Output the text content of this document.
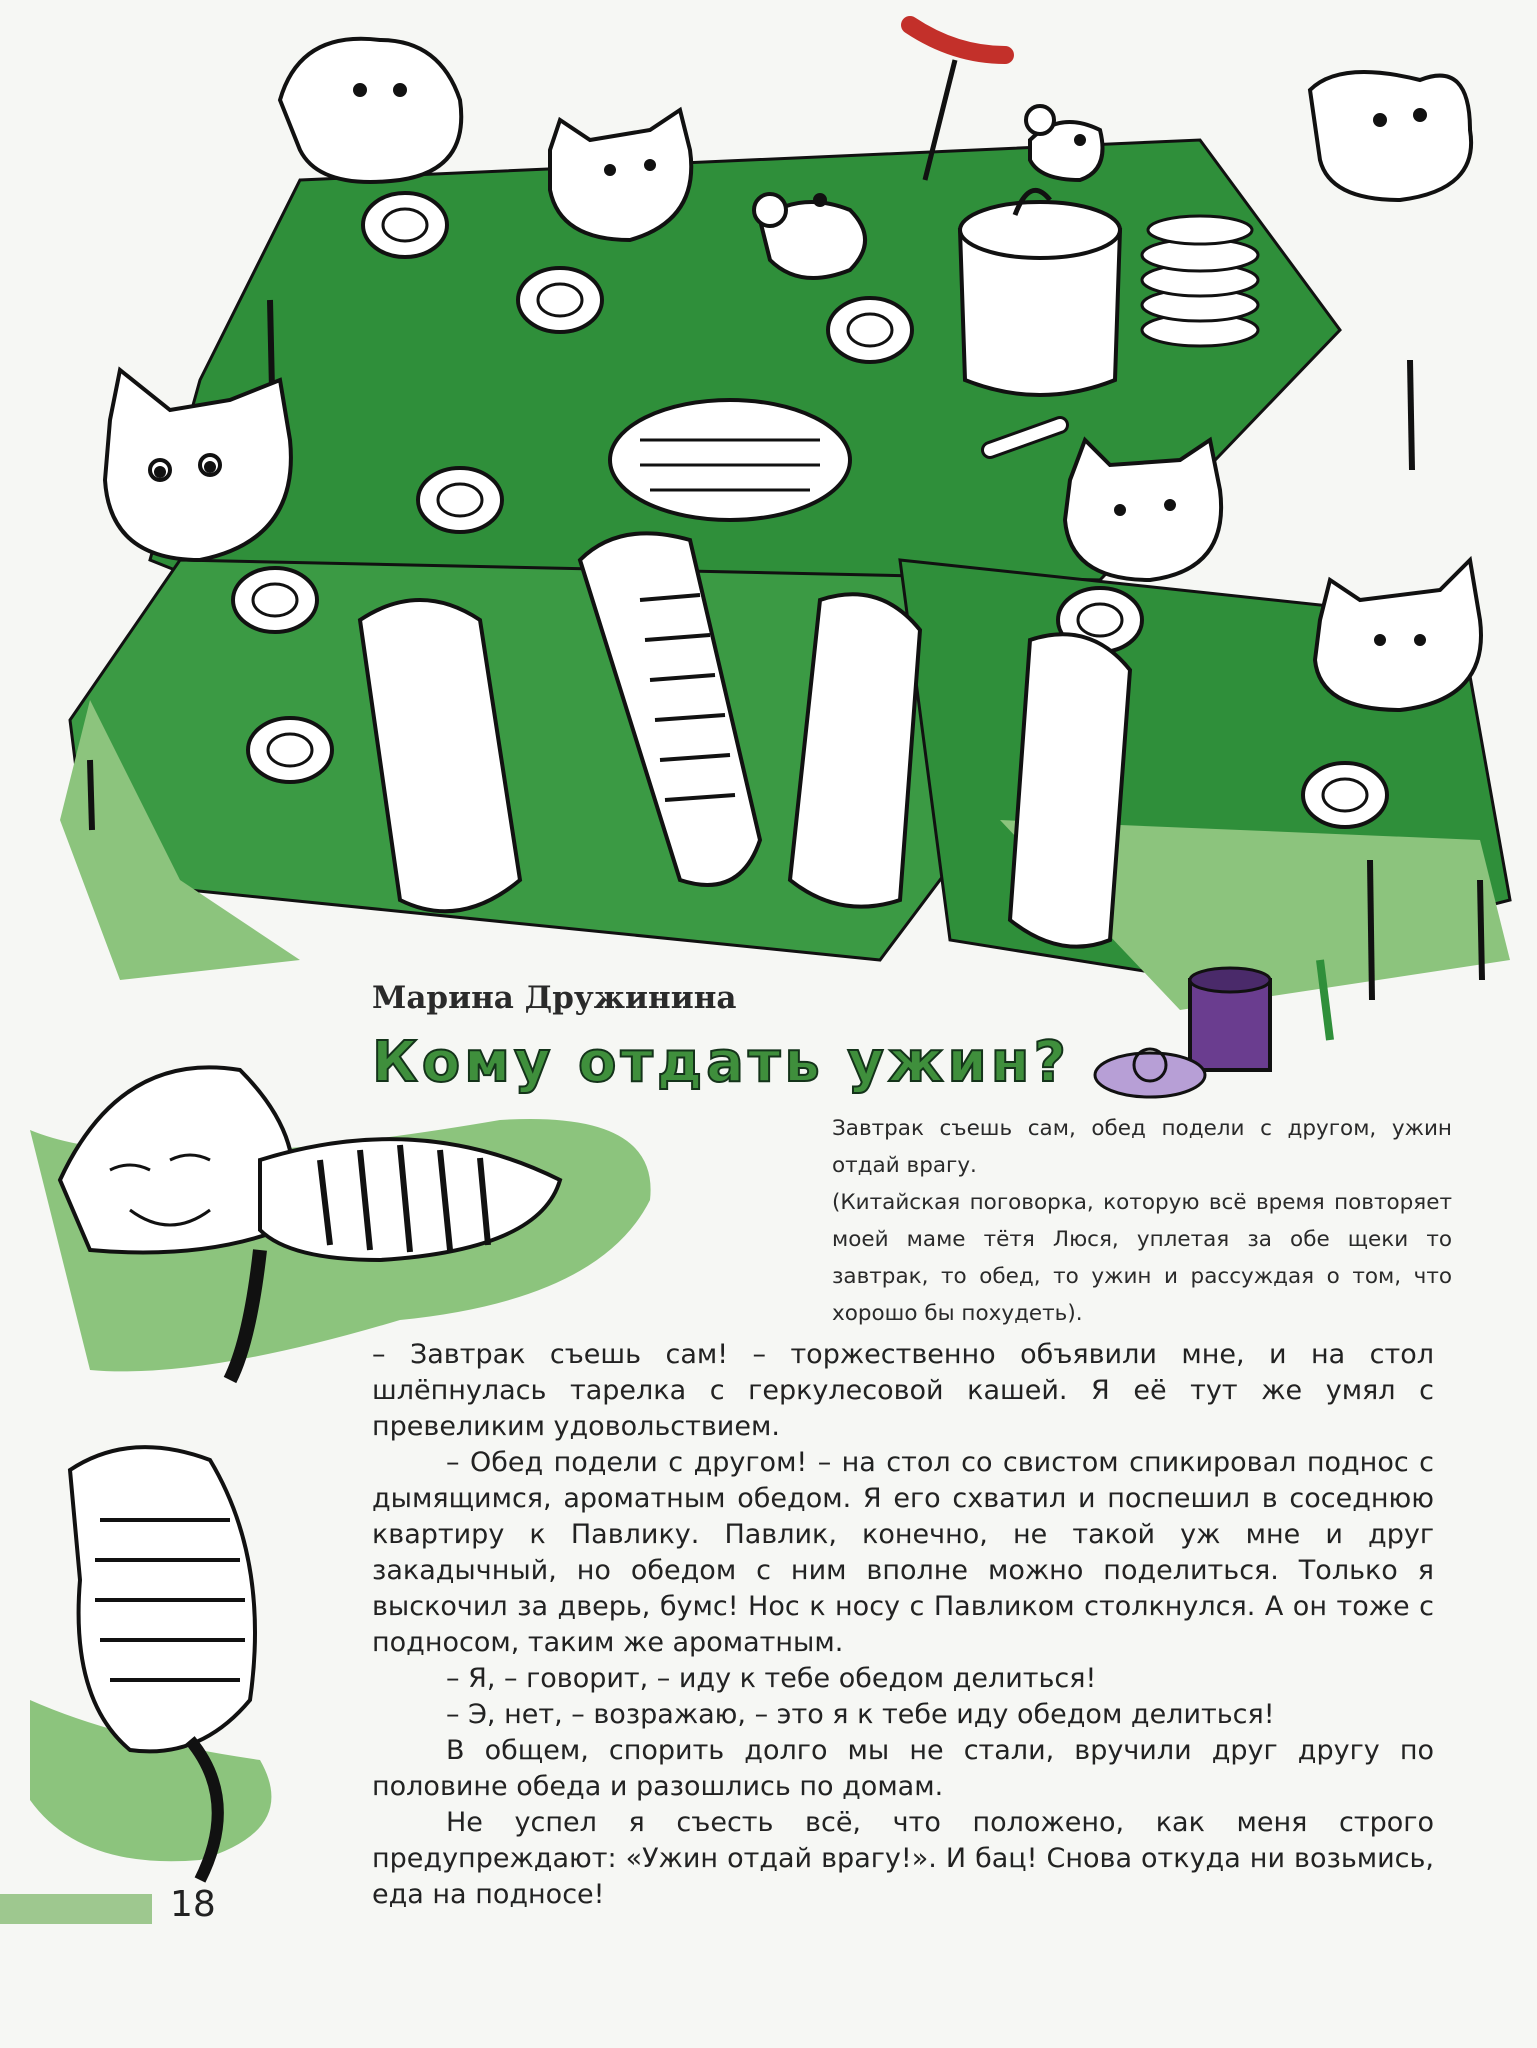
Марина Дружинина
Кому отдать ужин?

Завтрак съешь сам, обед подели с другом, ужин отдай врагу.

(Китайская поговорка, которую всё время повторяет моей маме тётя Люся, уплетая за обе щеки то завтрак, то обед, то ужин и рассуждая о том, что хорошо бы похудеть).

– Завтрак съешь сам! – торжественно объявили мне, и на стол шлёпнулась тарелка с геркулесовой кашей. Я её тут же умял с превеликим удовольствием.

– Обед подели с другом! – на стол со свистом спикировал поднос с дымящимся, ароматным обедом. Я его схватил и поспешил в соседнюю квартиру к Павлику. Павлик, конечно, не такой уж мне и друг закадычный, но обедом с ним вполне можно поделиться. Только я выскочил за дверь, бумс! Нос к носу с Павликом столкнулся. А он тоже с подносом, таким же ароматным.

– Я, – говорит, – иду к тебе обедом делиться!

– Э, нет, – возражаю, – это я к тебе иду обедом делиться!

В общем, спорить долго мы не стали, вручили друг другу по половине обеда и разошлись по домам.

Не успел я съесть всё, что положено, как меня строго предупреждают: «Ужин отдай врагу!». И бац! Снова откуда ни возьмись, еда на подносе!

18
